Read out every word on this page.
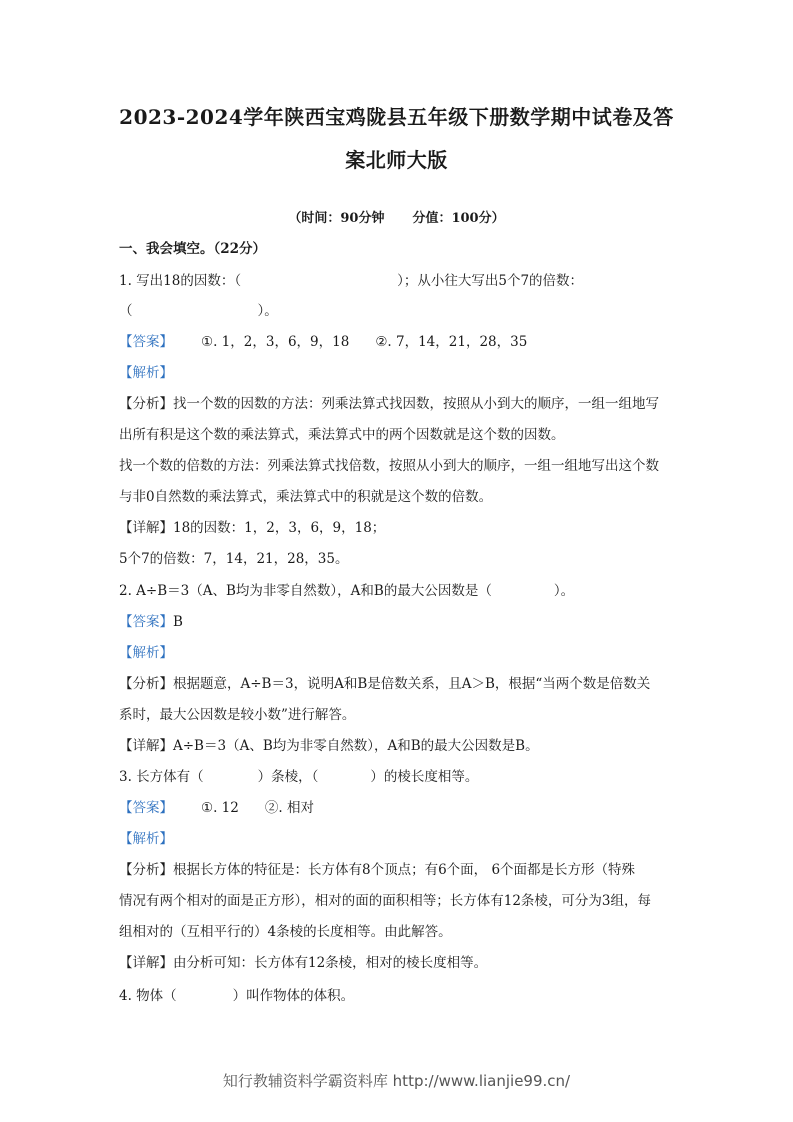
2023-2024学年陕西宝鸡陇县五年级下册数学期中试卷及答
案北师大版
（时间：90分钟 分值：100分）
一、我会填空。（22分）
1. 写出18的因数：（	）；从小往大写出5个7的倍数：
（	）。
【答案】 ①. 1，2，3，6，9，18 ②. 7，14，21，28，35
【解析】
【分析】找一个数的因数的方法：列乘法算式找因数，按照从小到大的顺序，一组一组地写
出所有积是这个数的乘法算式，乘法算式中的两个因数就是这个数的因数。
找一个数的倍数的方法：列乘法算式找倍数，按照从小到大的顺序，一组一组地写出这个数
与非0自然数的乘法算式，乘法算式中的积就是这个数的倍数。
【详解】18的因数：1，2，3，6，9，18；
5个7的倍数：7，14，21，28，35。
2. A÷B＝3（A、B均为非零自然数），A和B的最大公因数是（	）。
【答案】B
【解析】
【分析】根据题意，A÷B＝3，说明A和B是倍数关系，且A＞B，根据“当两个数是倍数关
系时，最大公因数是较小数”进行解答。
【详解】A÷B＝3（A、B均为非零自然数），A和B的最大公因数是B。
3. 长方体有（	）条棱，（	）的棱长度相等。
【答案】 ①. 12 ②. 相对
【解析】
【分析】根据长方体的特征是：长方体有8个顶点；有6个面， 6个面都是长方形（特殊
情况有两个相对的面是正方形），相对的面的面积相等；长方体有12条棱，可分为3组，每
组相对的（互相平行的）4条棱的长度相等。由此解答。
【详解】由分析可知：长方体有12条棱，相对的棱长度相等。
4. 物体（	）叫作物体的体积。
知行教辅资料学霸资料库 http://www.lianjie99.cn/
